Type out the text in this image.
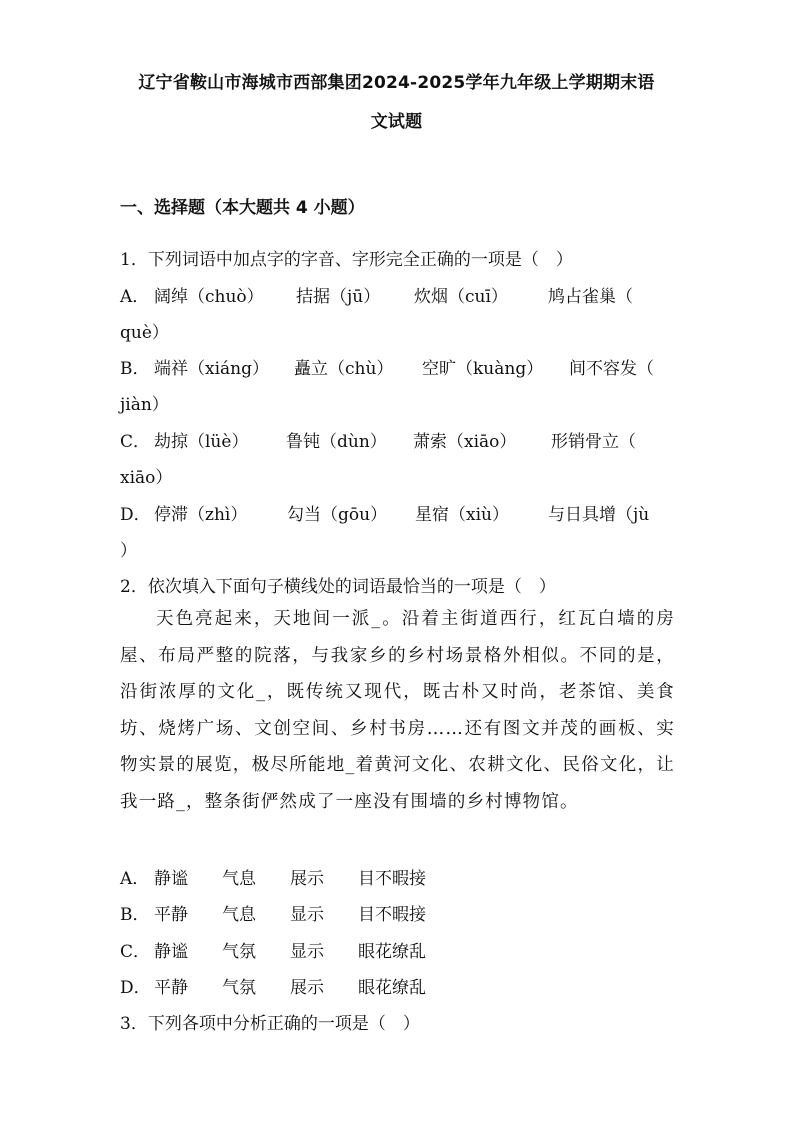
辽宁省鞍山市海城市西部集团2024-2025学年九年级上学期期末语
文试题
一、选择题（本大题共 4 小题）
1．下列词语中加点字的字音、字形完全正确的一项是（　）
A． 阔绰（chuò） 拮据（jū） 炊烟（cuī） 鸠占雀巢（
què）
B． 端祥（xiáng） 矗立（chù） 空旷（kuàng） 间不容发（
jiàn）
C． 劫掠（lüè） 鲁钝（dùn） 萧索（xiāo） 形销骨立（
xiāo）
D． 停滞（zhì） 勾当（gōu） 星宿（xiù） 与日具增（jù
）
2．依次填入下面句子横线处的词语最恰当的一项是（　）
天色亮起来，天地间一派_。沿着主街道西行，红瓦白墙的房屋、布局严整的院落，与我家乡的乡村场景格外相似。不同的是，沿街浓厚的文化_，既传统又现代，既古朴又时尚，老茶馆、美食坊、烧烤广场、文创空间、乡村书房……还有图文并茂的画板、实物实景的展览，极尽所能地_着黄河文化、农耕文化、民俗文化，让我一路_，整条街俨然成了一座没有围墙的乡村博物馆。
A． 静谧 气息 展示 目不暇接
B． 平静 气息 显示 目不暇接
C． 静谧 气氛 显示 眼花缭乱
D． 平静 气氛 展示 眼花缭乱
3．下列各项中分析正确的一项是（　）
